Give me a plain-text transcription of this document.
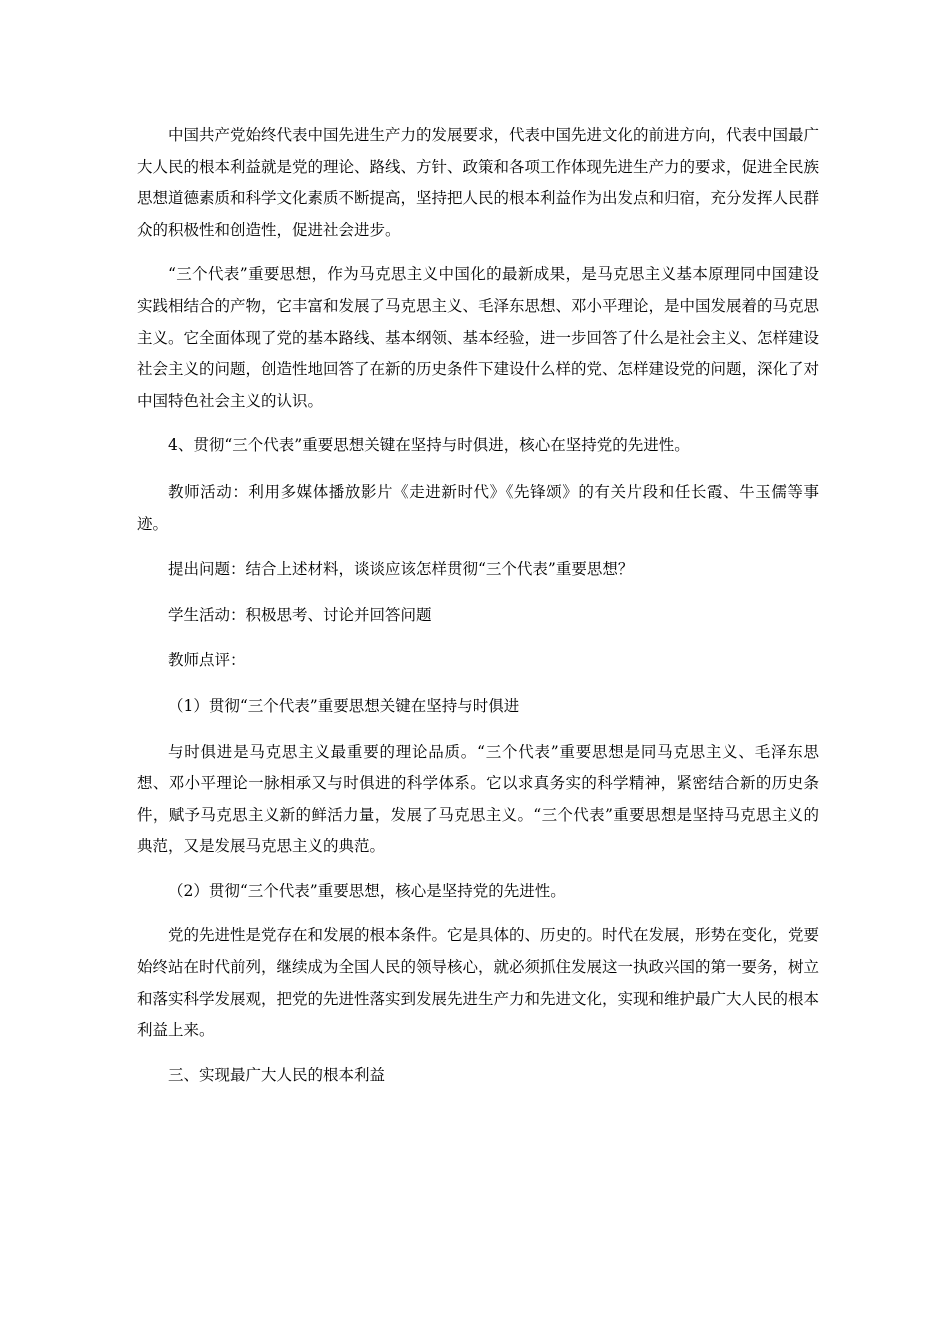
中国共产党始终代表中国先进生产力的发展要求，代表中国先进文化的前进方向，代表中国最广大人民的根本利益就是党的理论、路线、方针、政策和各项工作体现先进生产力的要求，促进全民族思想道德素质和科学文化素质不断提高，坚持把人民的根本利益作为出发点和归宿，充分发挥人民群众的积极性和创造性，促进社会进步。

“三个代表”重要思想，作为马克思主义中国化的最新成果，是马克思主义基本原理同中国建设实践相结合的产物，它丰富和发展了马克思主义、毛泽东思想、邓小平理论，是中国发展着的马克思主义。它全面体现了党的基本路线、基本纲领、基本经验，进一步回答了什么是社会主义、怎样建设社会主义的问题，创造性地回答了在新的历史条件下建设什么样的党、怎样建设党的问题，深化了对中国特色社会主义的认识。

4、贯彻“三个代表”重要思想关键在坚持与时俱进，核心在坚持党的先进性。

教师活动：利用多媒体播放影片《走进新时代》《先锋颂》的有关片段和任长霞、牛玉儒等事迹。

提出问题：结合上述材料，谈谈应该怎样贯彻“三个代表”重要思想？

学生活动：积极思考、讨论并回答问题

教师点评：

（1）贯彻“三个代表”重要思想关键在坚持与时俱进

与时俱进是马克思主义最重要的理论品质。“三个代表”重要思想是同马克思主义、毛泽东思想、邓小平理论一脉相承又与时俱进的科学体系。它以求真务实的科学精神，紧密结合新的历史条件，赋予马克思主义新的鲜活力量，发展了马克思主义。“三个代表”重要思想是坚持马克思主义的典范，又是发展马克思主义的典范。

（2）贯彻“三个代表”重要思想，核心是坚持党的先进性。

党的先进性是党存在和发展的根本条件。它是具体的、历史的。时代在发展，形势在变化，党要始终站在时代前列，继续成为全国人民的领导核心，就必须抓住发展这一执政兴国的第一要务，树立和落实科学发展观，把党的先进性落实到发展先进生产力和先进文化，实现和维护最广大人民的根本利益上来。

三、实现最广大人民的根本利益
